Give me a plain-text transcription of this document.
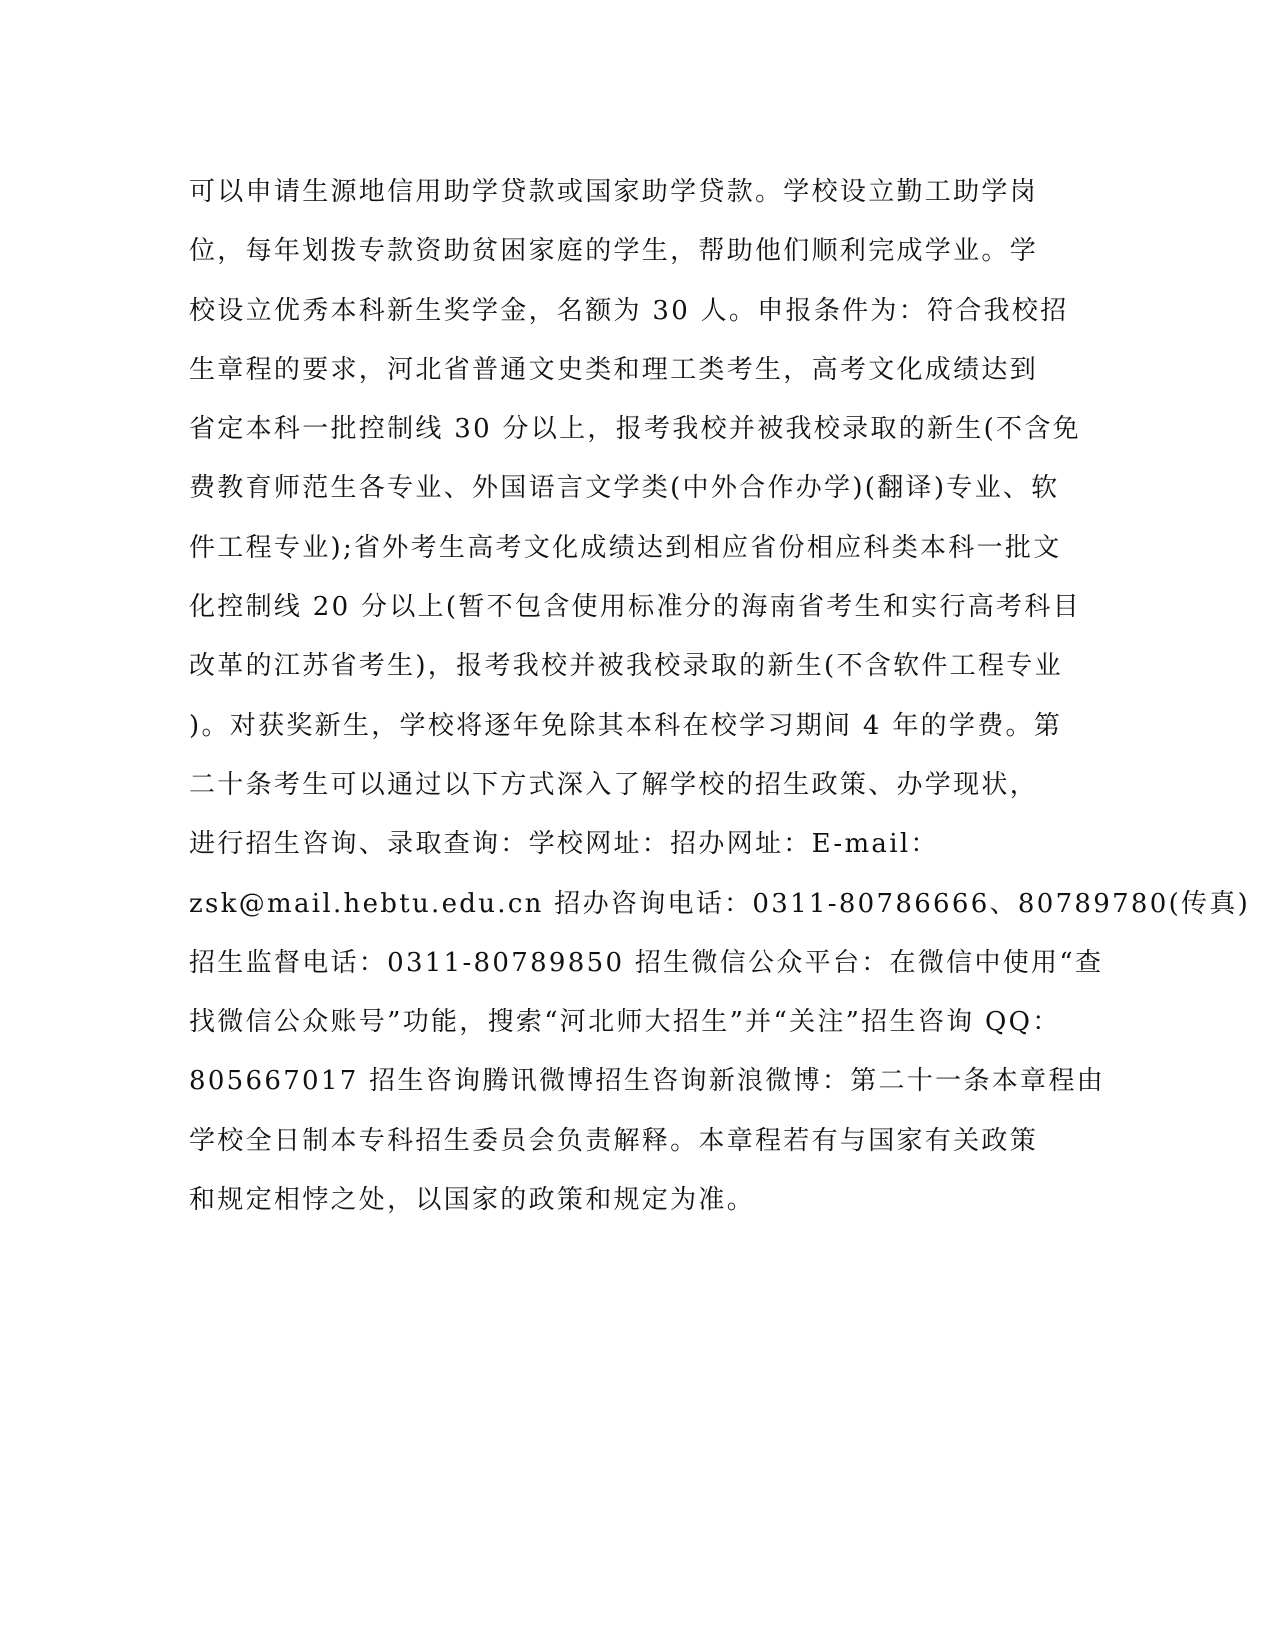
可以申请生源地信用助学贷款或国家助学贷款。学校设立勤工助学岗
位，每年划拨专款资助贫困家庭的学生，帮助他们顺利完成学业。学
校设立优秀本科新生奖学金，名额为 30 人。申报条件为：符合我校招
生章程的要求，河北省普通文史类和理工类考生，高考文化成绩达到
省定本科一批控制线 30 分以上，报考我校并被我校录取的新生(不含免
费教育师范生各专业、外国语言文学类(中外合作办学)(翻译)专业、软
件工程专业);省外考生高考文化成绩达到相应省份相应科类本科一批文
化控制线 20 分以上(暂不包含使用标准分的海南省考生和实行高考科目
改革的江苏省考生)，报考我校并被我校录取的新生(不含软件工程专业
)。对获奖新生，学校将逐年免除其本科在校学习期间 4 年的学费。第
二十条考生可以通过以下方式深入了解学校的招生政策、办学现状，
进行招生咨询、录取查询：学校网址：招办网址：E-mail：
zsk@mail.hebtu.edu.cn 招办咨询电话：0311-80786666、80789780(传真)
招生监督电话：0311-80789850 招生微信公众平台：在微信中使用“查
找微信公众账号”功能，搜索“河北师大招生”并“关注”招生咨询 QQ：
805667017 招生咨询腾讯微博招生咨询新浪微博：第二十一条本章程由
学校全日制本专科招生委员会负责解释。本章程若有与国家有关政策
和规定相悖之处，以国家的政策和规定为准。
